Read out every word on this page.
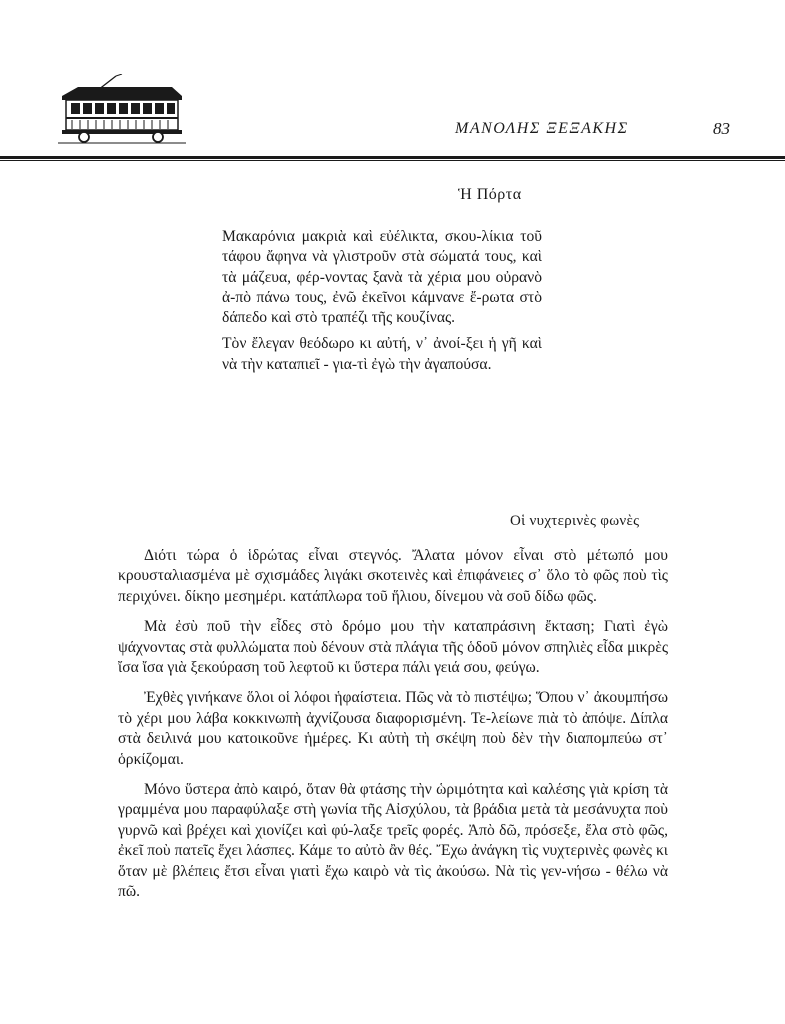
ΜΑΝΟΛΗΣ ΞΕΞΑΚΗΣ	83
Ἡ Πόρτα

Μακαρόνια μακριὰ καὶ εὐέλικτα, σκου-λίκια τοῦ τάφου ἄφηνα νὰ γλιστροῦν στὰ σώματά τους, καὶ τὰ μάζευα, φέρ-νοντας ξανὰ τὰ χέρια μου οὐρανὸ ἀ-πὸ πάνω τους, ἐνῶ ἐκεῖνοι κάμνανε ἔ-ρωτα στὸ δάπεδο καὶ στὸ τραπέζι τῆς κουζίνας.

Τὸν ἔλεγαν θεόδωρο κι αὐτή, ν᾽ ἀνοί-ξει ἡ γῆ καὶ νὰ τὴν καταπιεῖ - για-τὶ ἐγὼ τὴν ἀγαπούσα.

Οἱ νυχτερινὲς φωνὲς

Διότι τώρα ὁ ἱδρώτας εἶναι στεγνός. Ἄλατα μόνον εἶναι στὸ μέτωπό μου κρουσταλιασμένα μὲ σχισμάδες λιγάκι σκοτεινὲς καὶ ἐπιφάνειες σ᾽ ὅλο τὸ φῶς ποὺ τὶς περιχύνει. δίκηο μεσημέρι. κατάπλωρα τοῦ ἥλιου, δίνεμου νὰ σοῦ δίδω φῶς.

Μὰ ἐσὺ ποῦ τὴν εἶδες στὸ δρόμο μου τὴν καταπράσινη ἔκταση; Γιατὶ ἐγὼ ψάχνοντας στὰ φυλλώματα ποὺ δένουν στὰ πλάγια τῆς ὁδοῦ μόνον σπηλιὲς εἶδα μικρὲς ἴσα ἴσα γιὰ ξεκούραση τοῦ λεφτοῦ κι ὕστερα πάλι γειά σου, φεύγω.

Ἐχθὲς γινήκανε ὅλοι οἱ λόφοι ἡφαίστεια. Πῶς νὰ τὸ πιστέψω; Ὅπου ν᾽ ἀκουμπήσω τὸ χέρι μου λάβα κοκκινωπὴ ἀχνίζουσα διαφορισμένη. Τε-λείωνε πιὰ τὸ ἀπόψε. Δίπλα στὰ δειλινά μου κατοικοῦνε ἡμέρες. Κι αὐτὴ τὴ σκέψη ποὺ δὲν τὴν διαπομπεύω στ᾽ ὁρκίζομαι.

Μόνο ὕστερα ἀπὸ καιρό, ὅταν θὰ φτάσης τὴν ὡριμότητα καὶ καλέσης γιὰ κρίση τὰ γραμμένα μου παραφύλαξε στὴ γωνία τῆς Αἰσχύλου, τὰ βράδια μετὰ τὰ μεσάνυχτα ποὺ γυρνῶ καὶ βρέχει καὶ χιονίζει καὶ φύ-λαξε τρεῖς φορές. Ἀπὸ δῶ, πρόσεξε, ἔλα στὸ φῶς, ἐκεῖ ποὺ πατεῖς ἔχει λάσπες. Κάμε το αὐτὸ ἂν θές. Ἔχω ἀνάγκη τὶς νυχτερινὲς φωνὲς κι ὅταν μὲ βλέπεις ἔτσι εἶναι γιατὶ ἔχω καιρὸ νὰ τὶς ἀκούσω. Νὰ τὶς γεν-νήσω - θέλω νὰ πῶ.
